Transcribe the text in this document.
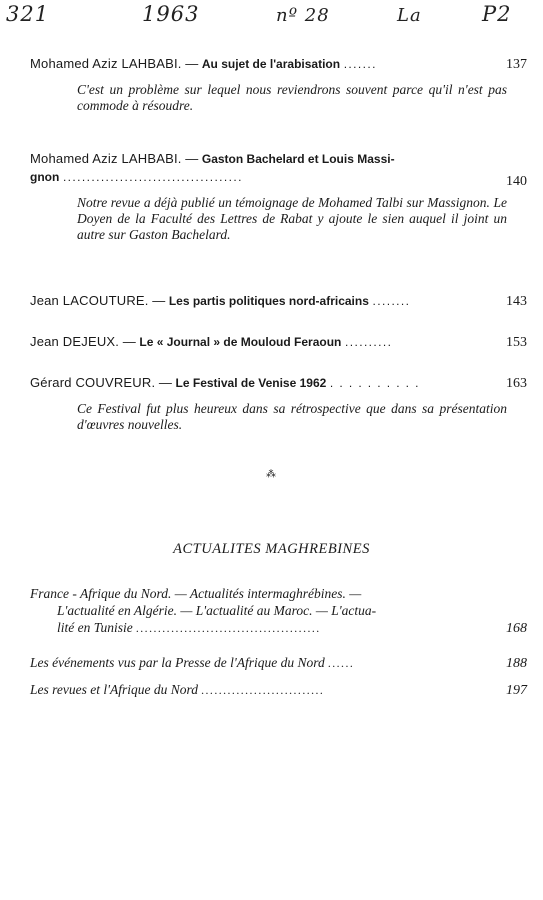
321	1963	nº 28	La	P2
Mohamed Aziz LAHBABI. — Au sujet de l'arabisation .......	137
C'est un problème sur lequel nous reviendrons souvent parce qu'il n'est pas commode à résoudre.
Mohamed Aziz LAHBABI. — Gaston Bachelard et Louis Massi-
gnon ......................................	140
Notre revue a déjà publié un témoignage de Mohamed Talbi sur Massignon. Le Doyen de la Faculté des Lettres de Rabat y ajoute le sien auquel il joint un autre sur Gaston Bachelard.
Jean LACOUTURE. — Les partis politiques nord-africains ........	143
Jean DEJEUX. — Le « Journal » de Mouloud Feraoun ..........	153
Gérard COUVREUR. — Le Festival de Venise 1962 . . . . . . . . . .	163
Ce Festival fut plus heureux dans sa rétrospective que dans sa présentation d'œuvres nouvelles.
⁂
ACTUALITES MAGHREBINES
France - Afrique du Nord. — Actualités intermaghrébines. —
L'actualité en Algérie. — L'actualité au Maroc. — L'actua-
lité en Tunisie ..........................................	168
Les événements vus par la Presse de l'Afrique du Nord ......	188
Les revues et l'Afrique du Nord ............................	197
